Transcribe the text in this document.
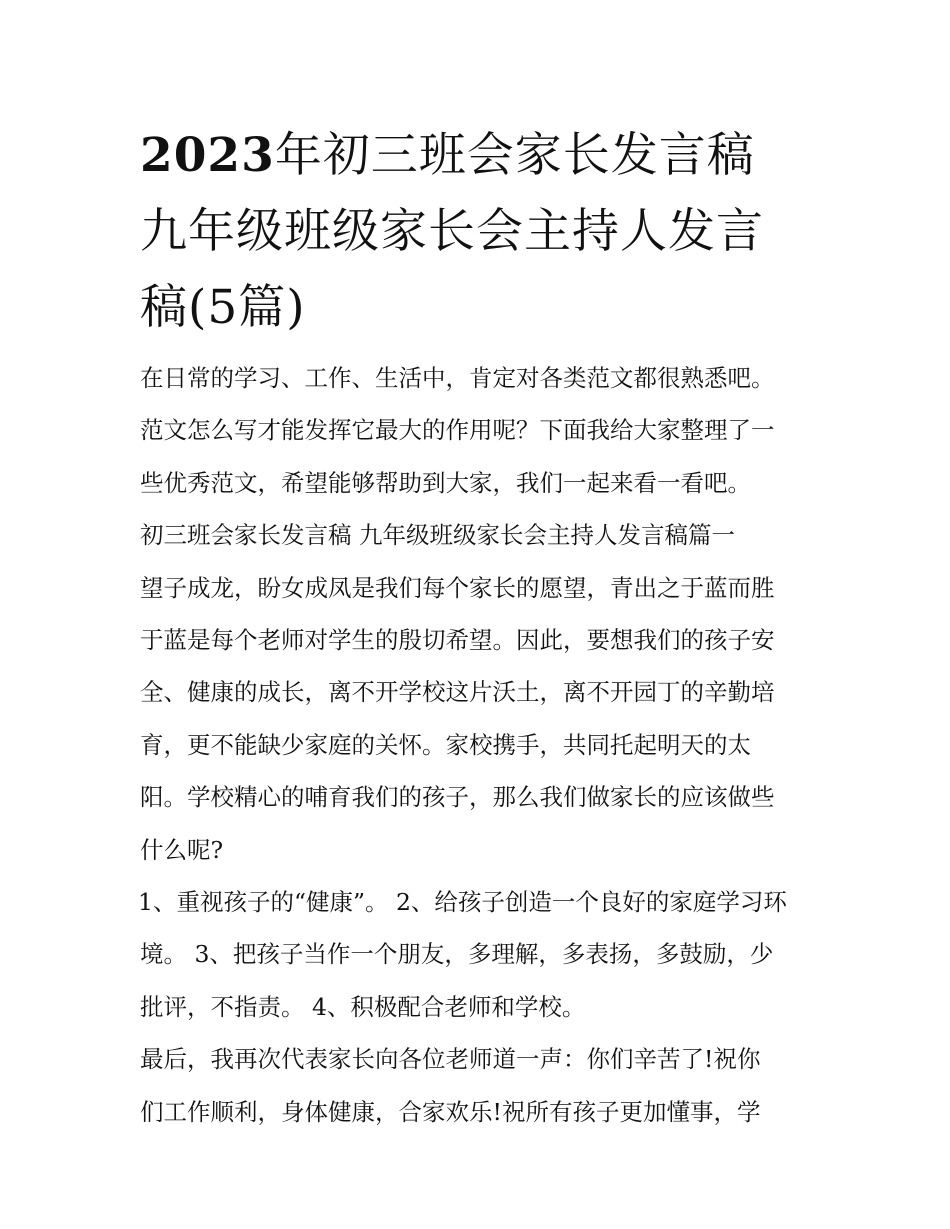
2023年初三班会家长发言稿
九年级班级家长会主持人发言
稿(5篇)

在日常的学习、工作、生活中，肯定对各类范文都很熟悉吧。
范文怎么写才能发挥它最大的作用呢？下面我给大家整理了一
些优秀范文，希望能够帮助到大家，我们一起来看一看吧。

初三班会家长发言稿 九年级班级家长会主持人发言稿篇一

望子成龙，盼女成凤是我们每个家长的愿望，青出之于蓝而胜
于蓝是每个老师对学生的殷切希望。因此，要想我们的孩子安
全、健康的成长，离不开学校这片沃土，离不开园丁的辛勤培
育，更不能缺少家庭的关怀。家校携手，共同托起明天的太
阳。学校精心的哺育我们的孩子，那么我们做家长的应该做些
什么呢?

1、重视孩子的“健康”。 2、给孩子创造一个良好的家庭学习环
境。 3、把孩子当作一个朋友，多理解，多表扬，多鼓励，少
批评，不指责。 4、积极配合老师和学校。

最后，我再次代表家长向各位老师道一声：你们辛苦了!祝你
们工作顺利，身体健康，合家欢乐!祝所有孩子更加懂事，学
